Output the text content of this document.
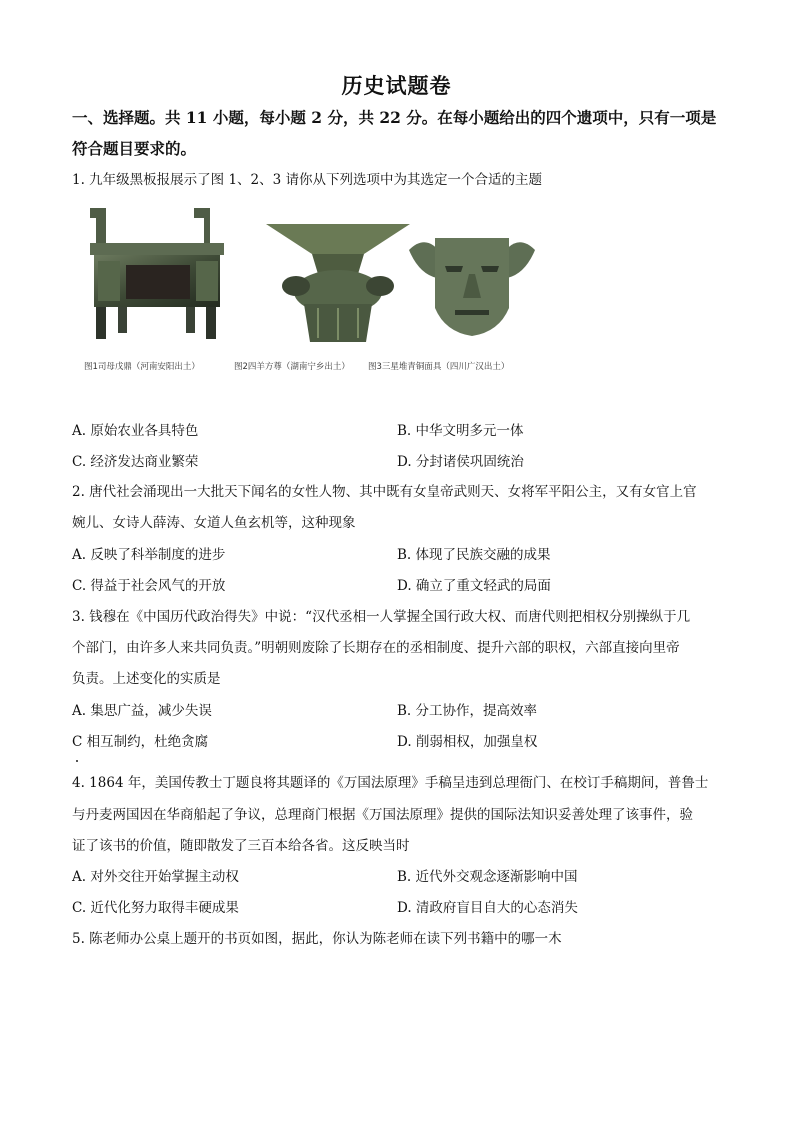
历史试题卷
一、选择题。共 11 小题，每小题 2 分，共 22 分。在每小题给出的四个遗项中，只有一项是
符合题目要求的。
1. 九年级黑板报展示了图 1、2、3 请你从下列选项中为其选定一个合适的主题
图1司母戊鼎（河南安阳出土）	图2四羊方尊（湖南宁乡出土） 图3三星堆青铜面具（四川广汉出土）
A. 原始农业各具特色	B. 中华文明多元一体
C. 经济发达商业繁荣	D. 分封诸侯巩固统治
2. 唐代社会涌现出一大批天下闻名的女性人物、其中既有女皇帝武则天、女将军平阳公主，又有女官上官
婉儿、女诗人薛涛、女道人鱼玄机等，这种现象
A. 反映了科举制度的进步	B. 体现了民族交融的成果
C. 得益于社会风气的开放	D. 确立了重文轻武的局面
3. 钱穆在《中国历代政治得失》中说：“汉代丞相一人掌握全国行政大权、而唐代则把相权分别操纵于几
个部门，由许多人来共同负责。”明朝则废除了长期存在的丞相制度、提升六部的职权，六部直接向里帝
负责。上述变化的实质是
A. 集思广益，减少失误	B. 分工协作，提高效率
C 相互制约，杜绝贪腐	D. 削弱相权，加强皇权
4. 1864 年，美国传教士丁题良将其题译的《万国法原理》手稿呈违到总理衙门、在校订手稿期间，普鲁士
与丹麦两国因在华商船起了争议，总理商门根据《万国法原理》提供的国际法知识妥善处理了该事件，验
证了该书的价值，随即散发了三百本给各省。这反映当时
A. 对外交往开始掌握主动权	B. 近代外交观念逐渐影响中国
C. 近代化努力取得丰硬成果	D. 清政府盲目自大的心态消失
5. 陈老师办公桌上题开的书页如图，据此，你认为陈老师在读下列书籍中的哪一木
